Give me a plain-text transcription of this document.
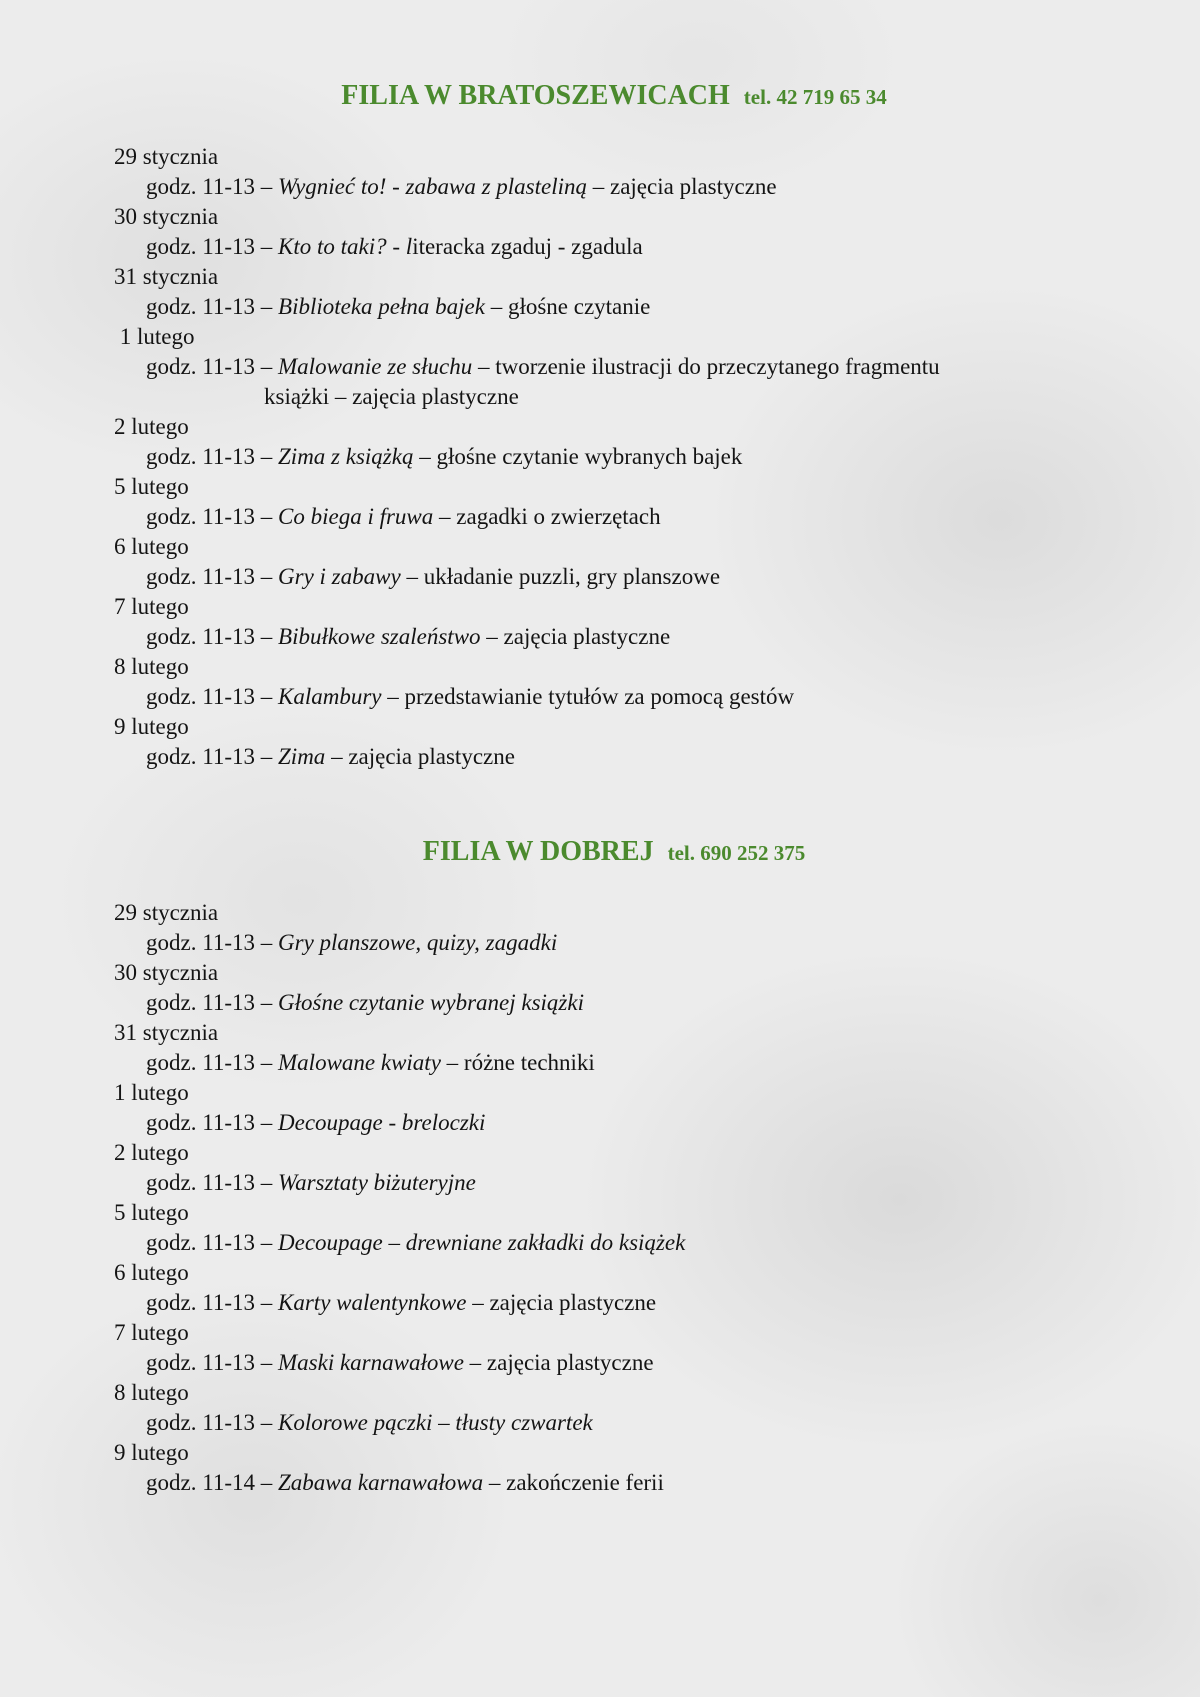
FILIA W BRATOSZEWICACH tel. 42 719 65 34
29 stycznia
godz. 11-13 – Wygnieć to! - zabawa z plasteliną – zajęcia plastyczne
30 stycznia
godz. 11-13 – Kto to taki? - literacka zgaduj - zgadula
31 stycznia
godz. 11-13 – Biblioteka pełna bajek – głośne czytanie
1 lutego
godz. 11-13 – Malowanie ze słuchu – tworzenie ilustracji do przeczytanego fragmentu
książki – zajęcia plastyczne
2 lutego
godz. 11-13 – Zima z książką – głośne czytanie wybranych bajek
5 lutego
godz. 11-13 – Co biega i fruwa – zagadki o zwierzętach
6 lutego
godz. 11-13 – Gry i zabawy – układanie puzzli, gry planszowe
7 lutego
godz. 11-13 – Bibułkowe szaleństwo – zajęcia plastyczne
8 lutego
godz. 11-13 – Kalambury – przedstawianie tytułów za pomocą gestów
9 lutego
godz. 11-13 – Zima – zajęcia plastyczne
FILIA W DOBREJ tel. 690 252 375
29 stycznia
godz. 11-13 – Gry planszowe, quizy, zagadki
30 stycznia
godz. 11-13 – Głośne czytanie wybranej książki
31 stycznia
godz. 11-13 – Malowane kwiaty – różne techniki
1 lutego
godz. 11-13 – Decoupage - breloczki
2 lutego
godz. 11-13 – Warsztaty biżuteryjne
5 lutego
godz. 11-13 – Decoupage – drewniane zakładki do książek
6 lutego
godz. 11-13 – Karty walentynkowe – zajęcia plastyczne
7 lutego
godz. 11-13 – Maski karnawałowe – zajęcia plastyczne
8 lutego
godz. 11-13 – Kolorowe pączki – tłusty czwartek
9 lutego
godz. 11-14 – Zabawa karnawałowa – zakończenie ferii
